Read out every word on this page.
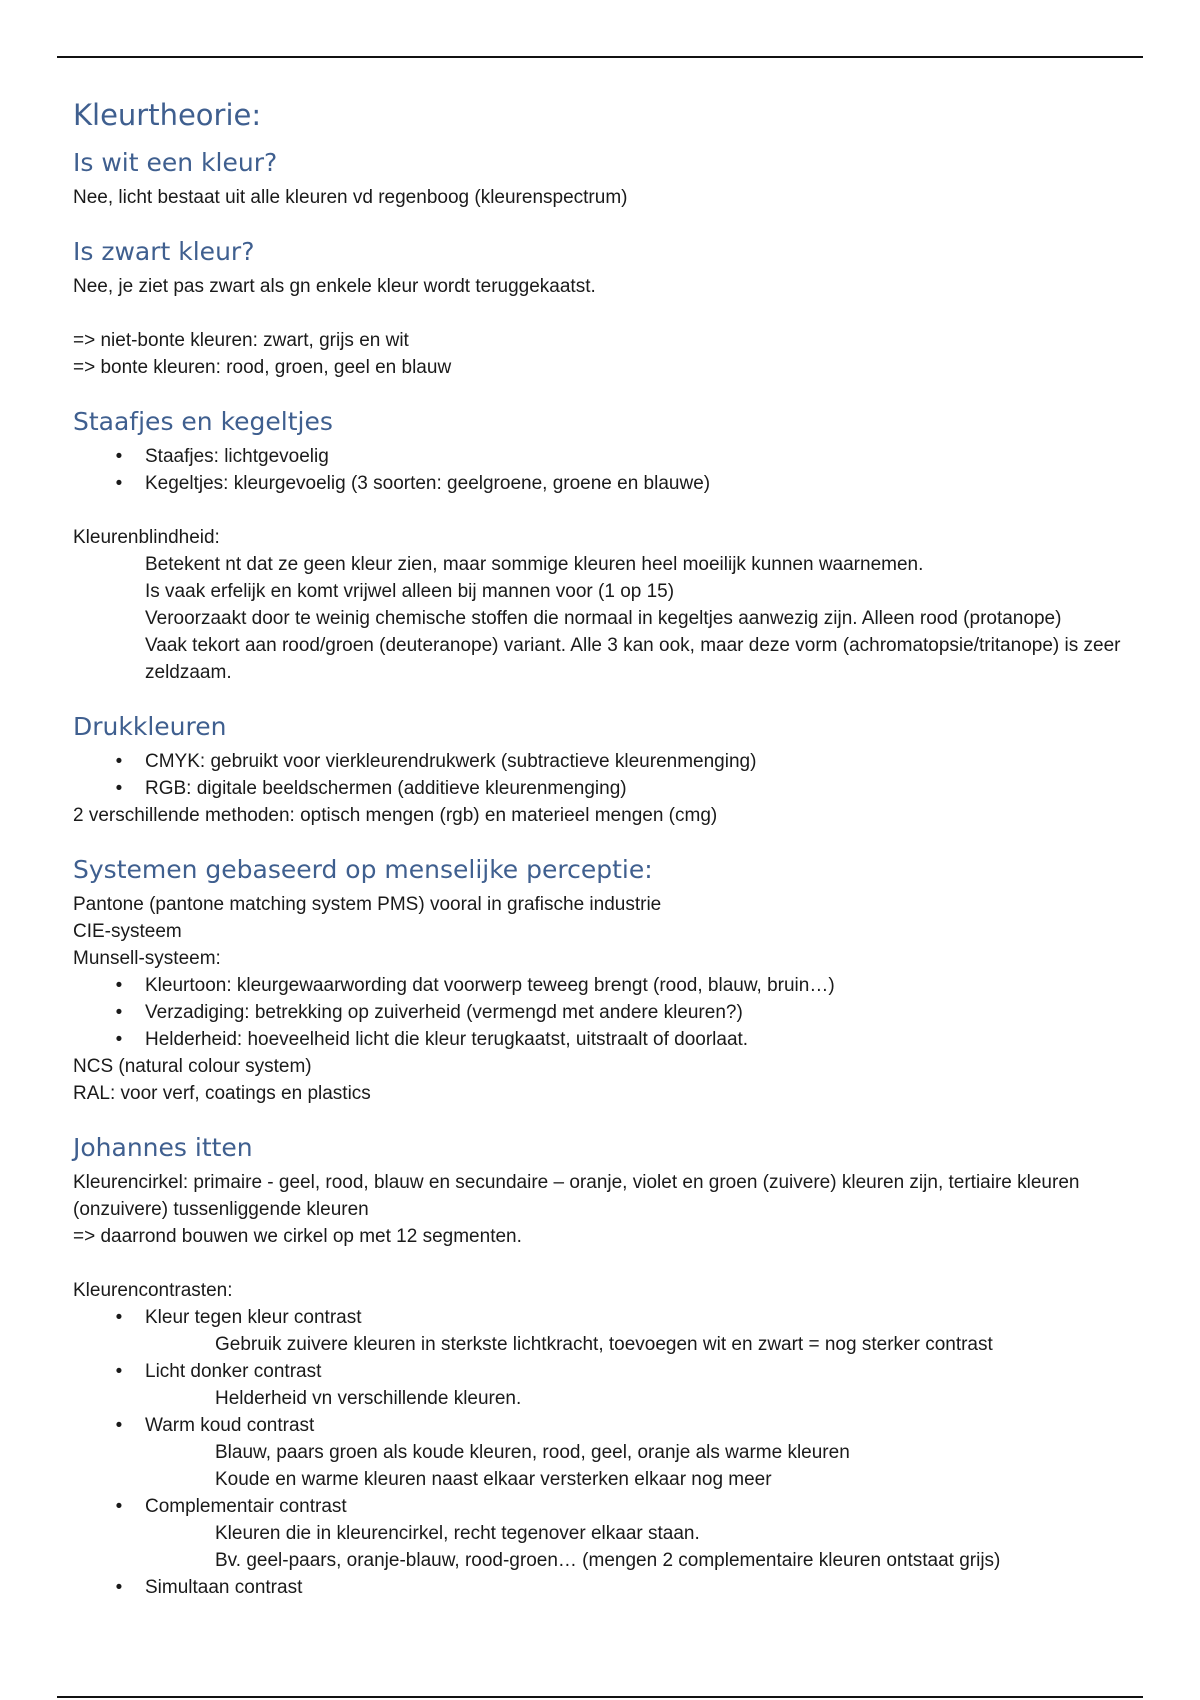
Kleurtheorie:
Is wit een kleur?

Nee, licht bestaat uit alle kleuren vd regenboog (kleurenspectrum)

Is zwart kleur?

Nee, je ziet pas zwart als gn enkele kleur wordt teruggekaatst.

=> niet-bonte kleuren: zwart, grijs en wit

=> bonte kleuren: rood, groen, geel en blauw

Staafjes en kegeltjes
•	Staafjes: lichtgevoelig
•	Kegeltjes: kleurgevoelig (3 soorten: geelgroene, groene en blauwe)

Kleurenblindheid:

Betekent nt dat ze geen kleur zien, maar sommige kleuren heel moeilijk kunnen waarnemen.

Is vaak erfelijk en komt vrijwel alleen bij mannen voor (1 op 15)

Veroorzaakt door te weinig chemische stoffen die normaal in kegeltjes aanwezig zijn. Alleen rood (protanope)

Vaak tekort aan rood/groen (deuteranope) variant. Alle 3 kan ook, maar deze vorm (achromatopsie/tritanope) is zeer zeldzaam.

Drukkleuren
•	CMYK: gebruikt voor vierkleurendrukwerk (subtractieve kleurenmenging)
•	RGB: digitale beeldschermen (additieve kleurenmenging)

2 verschillende methoden: optisch mengen (rgb) en materieel mengen (cmg)

Systemen gebaseerd op menselijke perceptie:

Pantone (pantone matching system PMS) vooral in grafische industrie

CIE-systeem

Munsell-systeem:

•	Kleurtoon: kleurgewaarwording dat voorwerp teweeg brengt (rood, blauw, bruin…)
•	Verzadiging: betrekking op zuiverheid (vermengd met andere kleuren?)
•	Helderheid: hoeveelheid licht die kleur terugkaatst, uitstraalt of doorlaat.

NCS (natural colour system)

RAL: voor verf, coatings en plastics

Johannes itten

Kleurencirkel: primaire - geel, rood, blauw en secundaire – oranje, violet en groen (zuivere) kleuren zijn, tertiaire kleuren (onzuivere) tussenliggende kleuren

=> daarrond bouwen we cirkel op met 12 segmenten.

Kleurencontrasten:

•	Kleur tegen kleur contrast

Gebruik zuivere kleuren in sterkste lichtkracht, toevoegen wit en zwart = nog sterker contrast

•	Licht donker contrast

Helderheid vn verschillende kleuren.

•	Warm koud contrast

Blauw, paars groen als koude kleuren, rood, geel, oranje als warme kleuren

Koude en warme kleuren naast elkaar versterken elkaar nog meer

•	Complementair contrast

Kleuren die in kleurencirkel, recht tegenover elkaar staan.

Bv. geel-paars, oranje-blauw, rood-groen… (mengen 2 complementaire kleuren ontstaat grijs)

•	Simultaan contrast
